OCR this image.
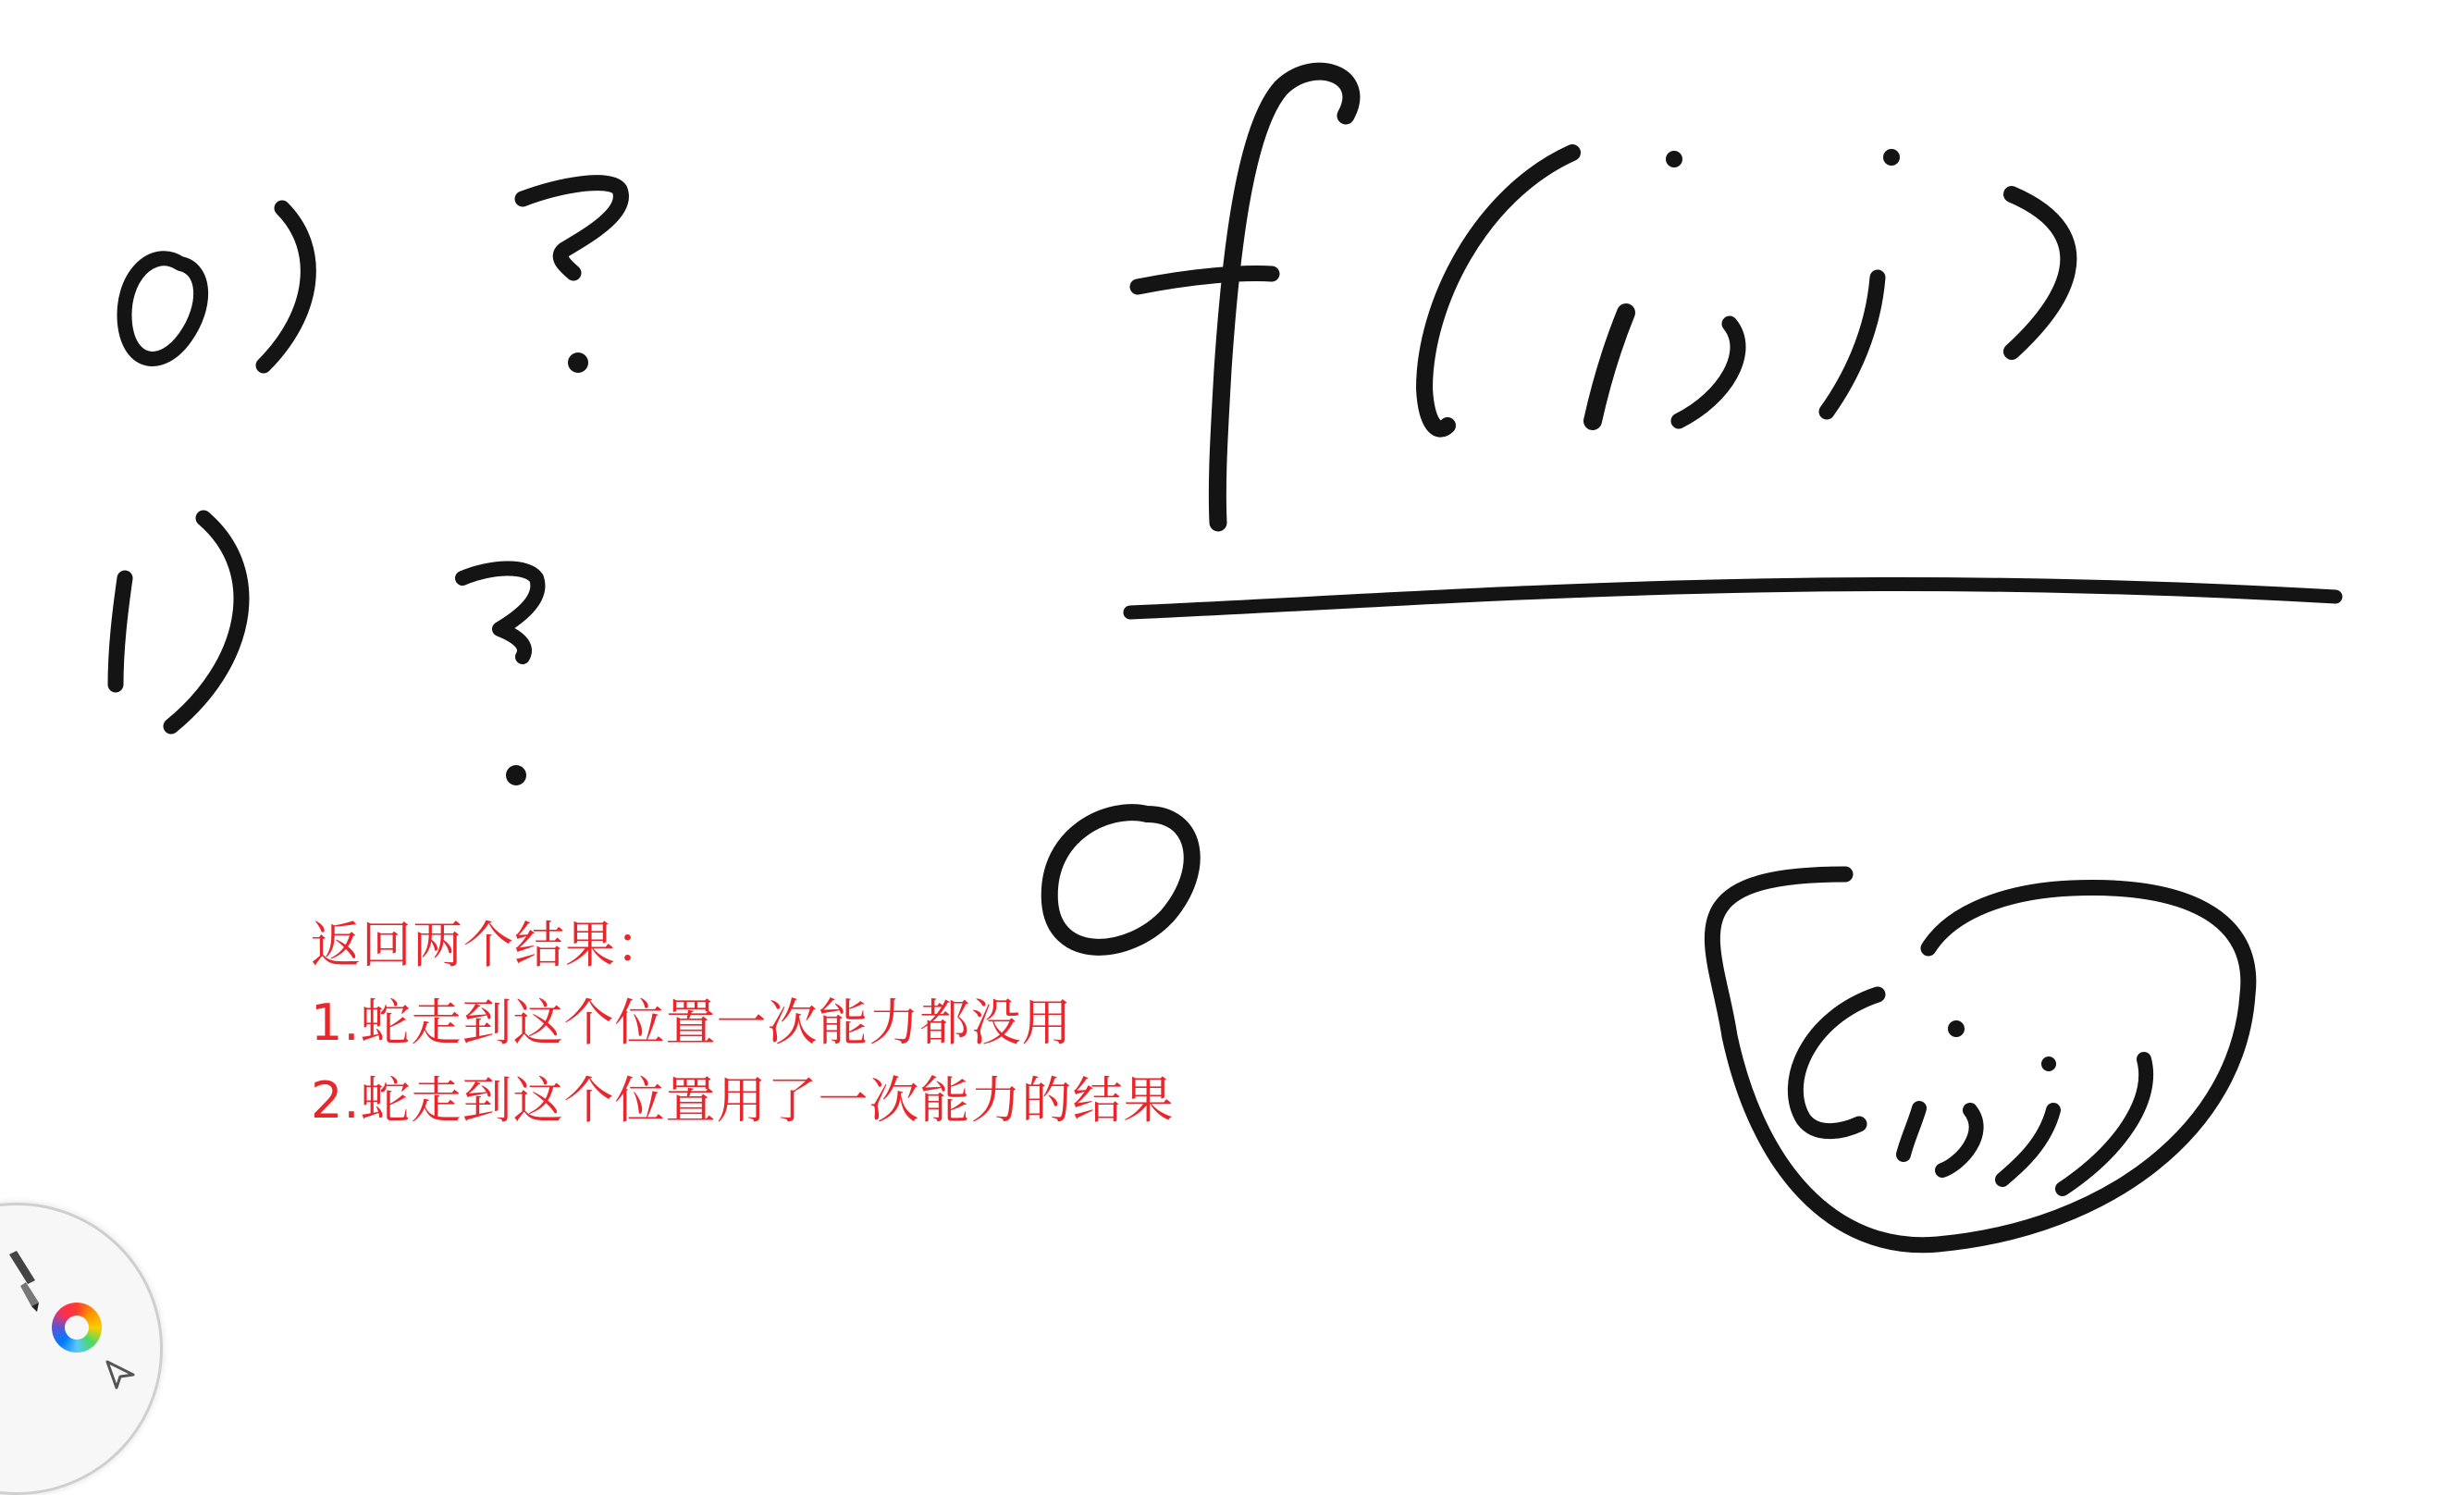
返回两个结果：
1.蛇走到这个位置一次能力都没用
2.蛇走到这个位置用了一次能力的结果
